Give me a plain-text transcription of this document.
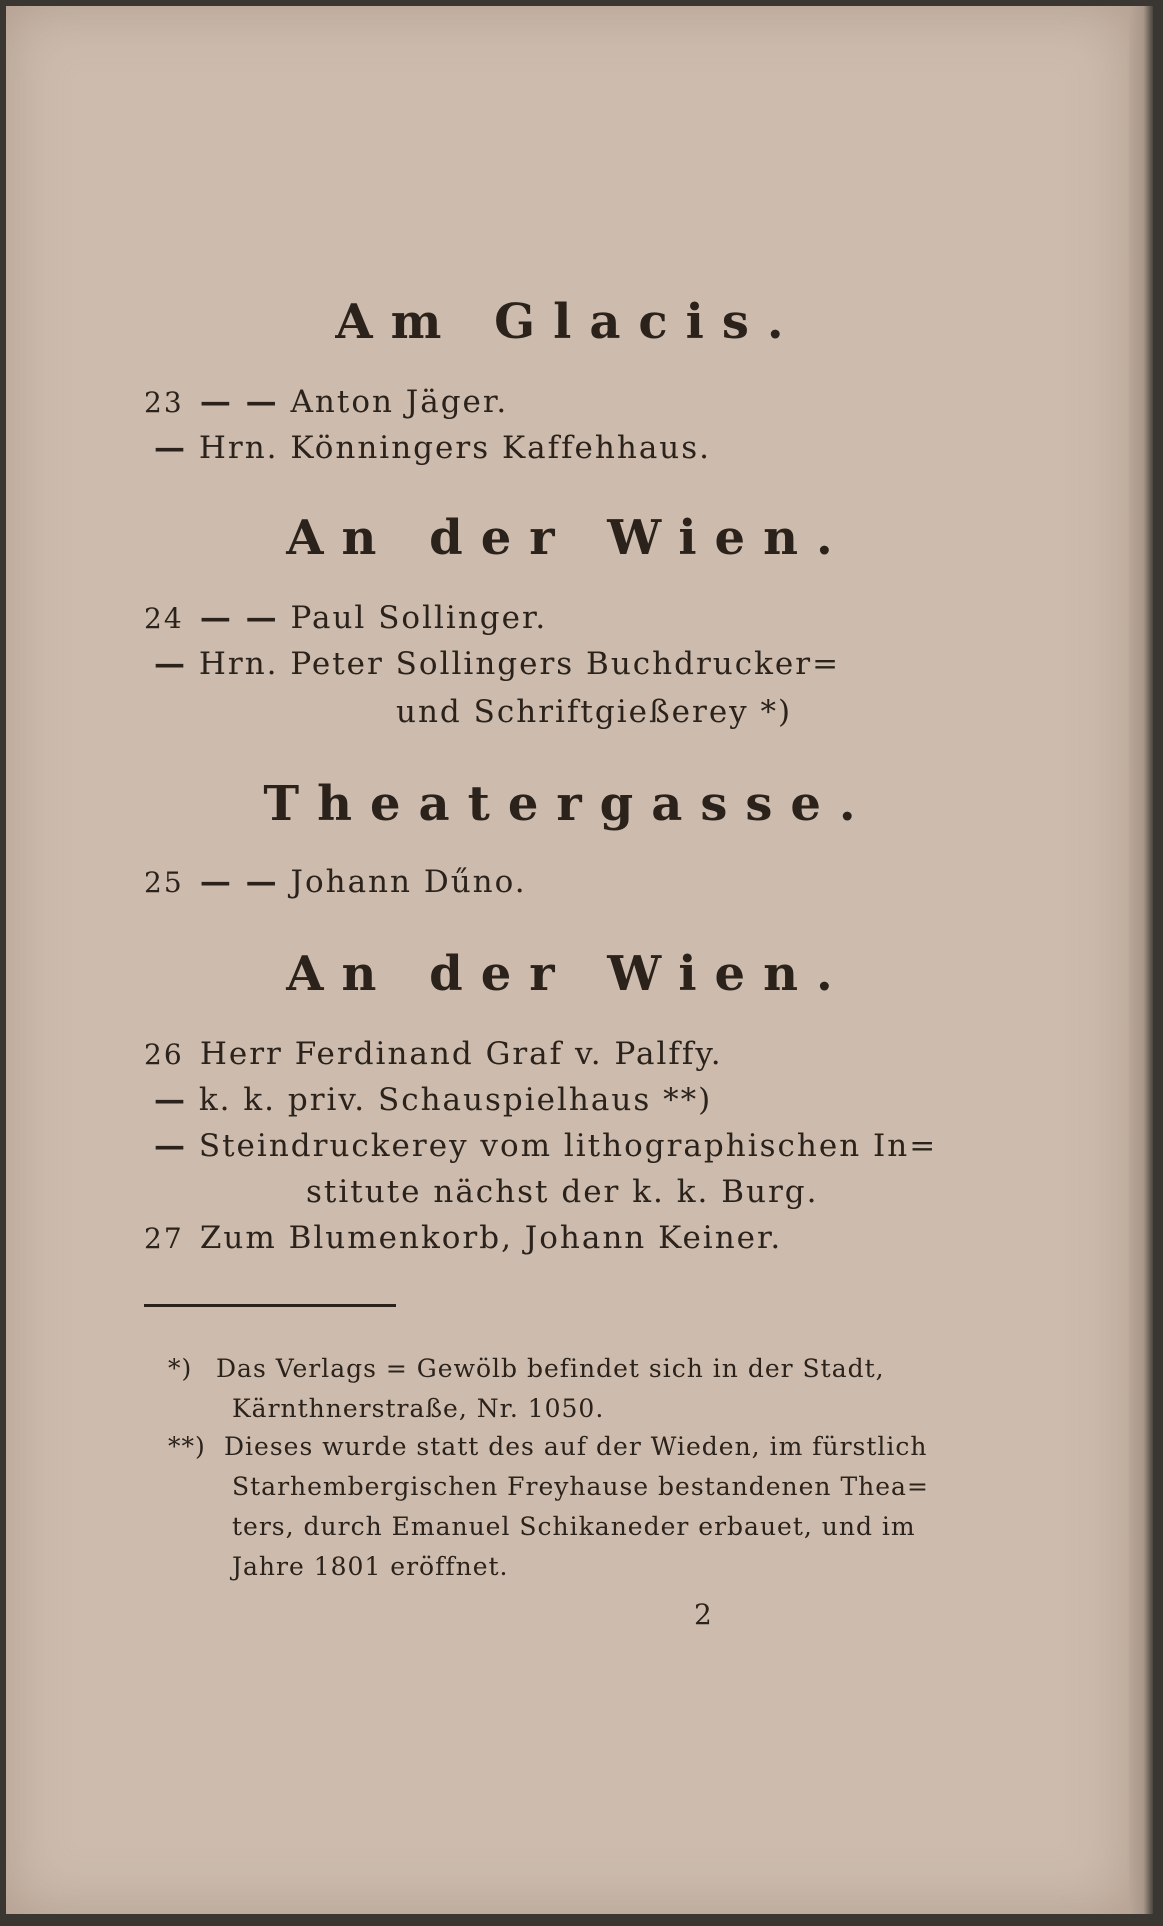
Am Glacis.
23 — — Anton Jäger.
— Hrn. Könningers Kaffehhaus.
An der Wien.
24 — — Paul Sollinger.
— Hrn. Peter Sollingers Buchdrucker=
und Schriftgießerey *)
Theatergasse.
25 — — Johann Dűno.
An der Wien.
26 Herr Ferdinand Graf v. Palffy.
— k. k. priv. Schauspielhaus **)
— Steindruckerey vom lithographischen In=
stitute nächst der k. k. Burg.
27 Zum Blumenkorb, Johann Keiner.
*) Das Verlags = Gewölb befindet sich in der Stadt,
Kärnthnerstraße, Nr. 1050.
**) Dieses wurde statt des auf der Wieden, im fürstlich
Starhembergischen Freyhause bestandenen Thea=
ters, durch Emanuel Schikaneder erbauet, und im
Jahre 1801 eröffnet.
2
